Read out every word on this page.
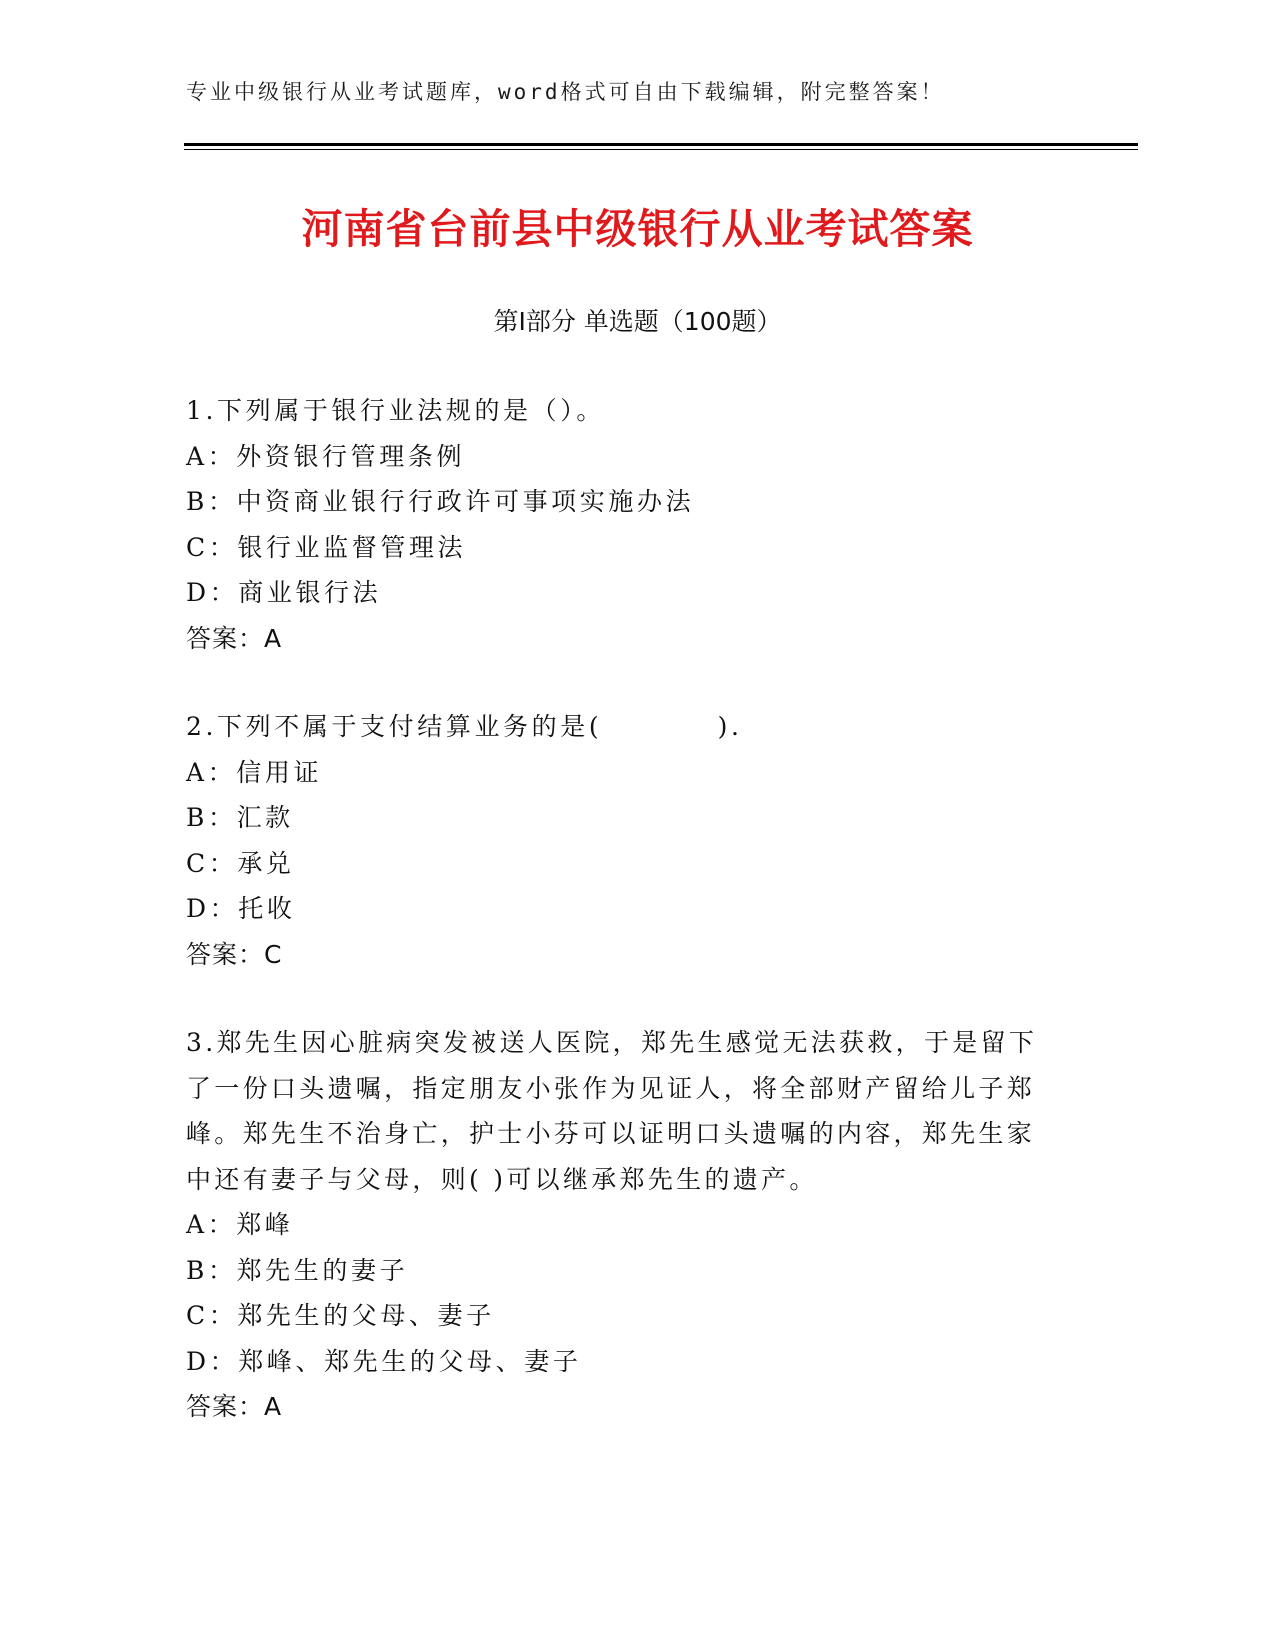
专业中级银行从业考试题库，word格式可自由下载编辑，附完整答案！
河南省台前县中级银行从业考试答案
第Ⅰ部分 单选题（100题）
1.下列属于银行业法规的是（）。
A：外资银行管理条例
B：中资商业银行行政许可事项实施办法
C：银行业监督管理法
D：商业银行法
答案：A
2.下列不属于支付结算业务的是(          ).
A：信用证
B：汇款
C：承兑
D：托收
答案：C
3.郑先生因心脏病突发被送人医院，郑先生感觉无法获救，于是留下
了一份口头遗嘱，指定朋友小张作为见证人，将全部财产留给儿子郑
峰。郑先生不治身亡，护士小芬可以证明口头遗嘱的内容，郑先生家
中还有妻子与父母，则( )可以继承郑先生的遗产。
A：郑峰
B：郑先生的妻子
C：郑先生的父母、妻子
D：郑峰、郑先生的父母、妻子
答案：A
